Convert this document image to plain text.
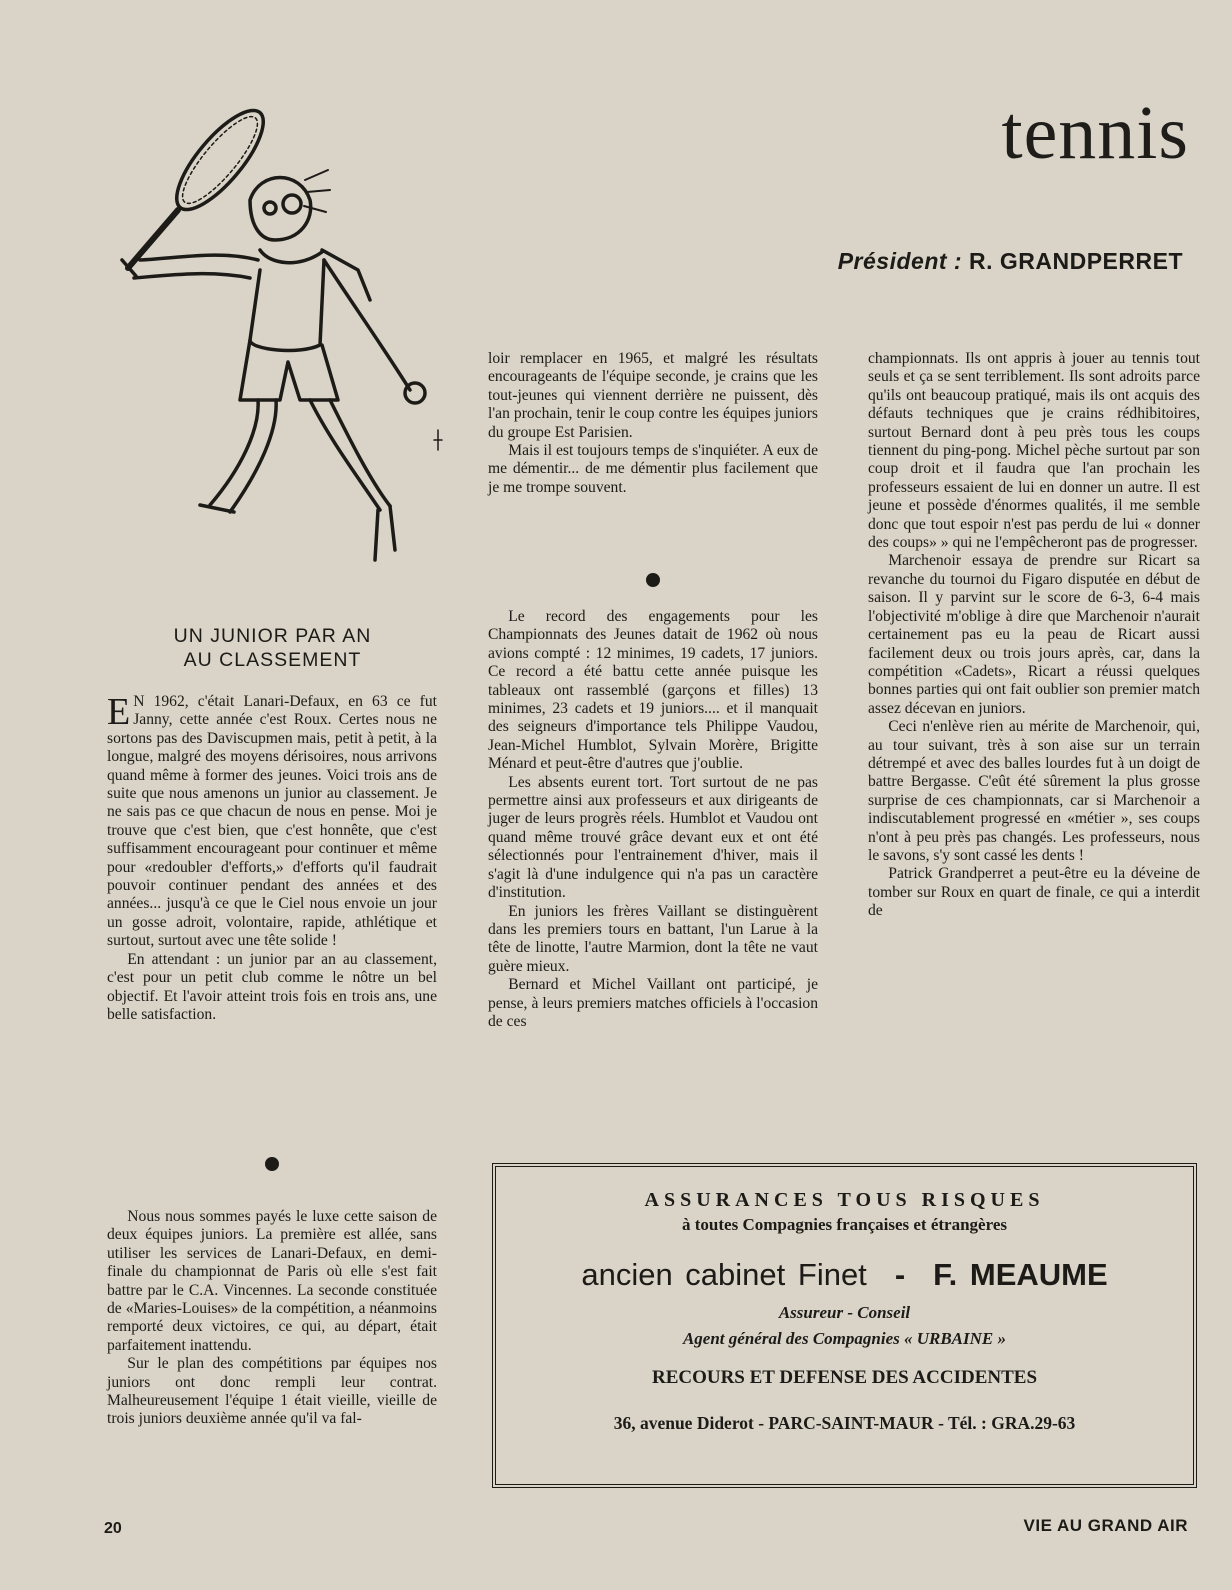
tennis
Président : R. GRANDPERRET
UN JUNIOR PAR AN
AU CLASSEMENT

E N 1962, c'était Lanari-Defaux, en 63 ce fut Janny, cette année c'est Roux. Certes nous ne sortons pas des Daviscupmen mais, petit à petit, à la longue, malgré des moyens dérisoires, nous arrivons quand même à former des jeunes. Voici trois ans de suite que nous amenons un junior au classement. Je ne sais pas ce que chacun de nous en pense. Moi je trouve que c'est bien, que c'est honnête, que c'est suffisamment encourageant pour continuer et même pour «redoubler d'efforts,» d'efforts qu'il faudrait pouvoir continuer pendant des années et des années... jusqu'à ce que le Ciel nous envoie un jour un gosse adroit, volontaire, rapide, athlétique et surtout, surtout avec une tête solide !

En attendant : un junior par an au classement, c'est pour un petit club comme le nôtre un bel objectif. Et l'avoir atteint trois fois en trois ans, une belle satisfaction.

Nous nous sommes payés le luxe cette saison de deux équipes juniors. La première est allée, sans utiliser les services de Lanari-Defaux, en demi-finale du championnat de Paris où elle s'est fait battre par le C.A. Vincennes. La seconde constituée de «Maries-Louises» de la compétition, a néanmoins remporté deux victoires, ce qui, au départ, était parfaitement inattendu.

Sur le plan des compétitions par équipes nos juniors ont donc rempli leur contrat. Malheureusement l'équipe 1 était vieille, vieille de trois juniors deuxième année qu'il va fal-

loir remplacer en 1965, et malgré les résultats encourageants de l'équipe seconde, je crains que les tout-jeunes qui viennent derrière ne puissent, dès l'an prochain, tenir le coup contre les équipes juniors du groupe Est Parisien.

Mais il est toujours temps de s'inquiéter. A eux de me démentir... de me démentir plus facilement que je me trompe souvent.

Le record des engagements pour les Championnats des Jeunes datait de 1962 où nous avions compté : 12 minimes, 19 cadets, 17 juniors. Ce record a été battu cette année puisque les tableaux ont rassemblé (garçons et filles) 13 minimes, 23 cadets et 19 juniors.... et il manquait des seigneurs d'importance tels Philippe Vaudou, Jean-Michel Humblot, Sylvain Morère, Brigitte Ménard et peut-être d'autres que j'oublie.

Les absents eurent tort. Tort surtout de ne pas permettre ainsi aux professeurs et aux dirigeants de juger de leurs progrès réels. Humblot et Vaudou ont quand même trouvé grâce devant eux et ont été sélectionnés pour l'entrainement d'hiver, mais il s'agit là d'une indulgence qui n'a pas un caractère d'institution.

En juniors les frères Vaillant se distinguèrent dans les premiers tours en battant, l'un Larue à la tête de linotte, l'autre Marmion, dont la tête ne vaut guère mieux.

Bernard et Michel Vaillant ont participé, je pense, à leurs premiers matches officiels à l'occasion de ces

championnats. Ils ont appris à jouer au tennis tout seuls et ça se sent terriblement. Ils sont adroits parce qu'ils ont beaucoup pratiqué, mais ils ont acquis des défauts techniques que je crains rédhibitoires, surtout Bernard dont à peu près tous les coups tiennent du ping-pong. Michel pèche surtout par son coup droit et il faudra que l'an prochain les professeurs essaient de lui en donner un autre. Il est jeune et possède d'énormes qualités, il me semble donc que tout espoir n'est pas perdu de lui « donner des coups» » qui ne l'empêcheront pas de progresser.

Marchenoir essaya de prendre sur Ricart sa revanche du tournoi du Figaro disputée en début de saison. Il y parvint sur le score de 6-3, 6-4 mais l'objectivité m'oblige à dire que Marchenoir n'aurait certainement pas eu la peau de Ricart aussi facilement deux ou trois jours après, car, dans la compétition «Cadets», Ricart a réussi quelques bonnes parties qui ont fait oublier son premier match assez décevan en juniors.

Ceci n'enlève rien au mérite de Marchenoir, qui, au tour suivant, très à son aise sur un terrain détrempé et avec des balles lourdes fut à un doigt de battre Bergasse. C'eût été sûrement la plus grosse surprise de ces championnats, car si Marchenoir a indiscutablement progressé en «métier », ses coups n'ont à peu près pas changés. Les professeurs, nous le savons, s'y sont cassé les dents !

Patrick Grandperret a peut-être eu la déveine de tomber sur Roux en quart de finale, ce qui a interdit de

ASSURANCES TOUS RISQUES
à toutes Compagnies françaises et étrangères
ancien cabinet Finet - F. MEAUME
Assureur - Conseil
Agent général des Compagnies « URBAINE »
RECOURS ET DEFENSE DES ACCIDENTES
36, avenue Diderot - PARC-SAINT-MAUR - Tél. : GRA.29-63
20	VIE AU GRAND AIR
